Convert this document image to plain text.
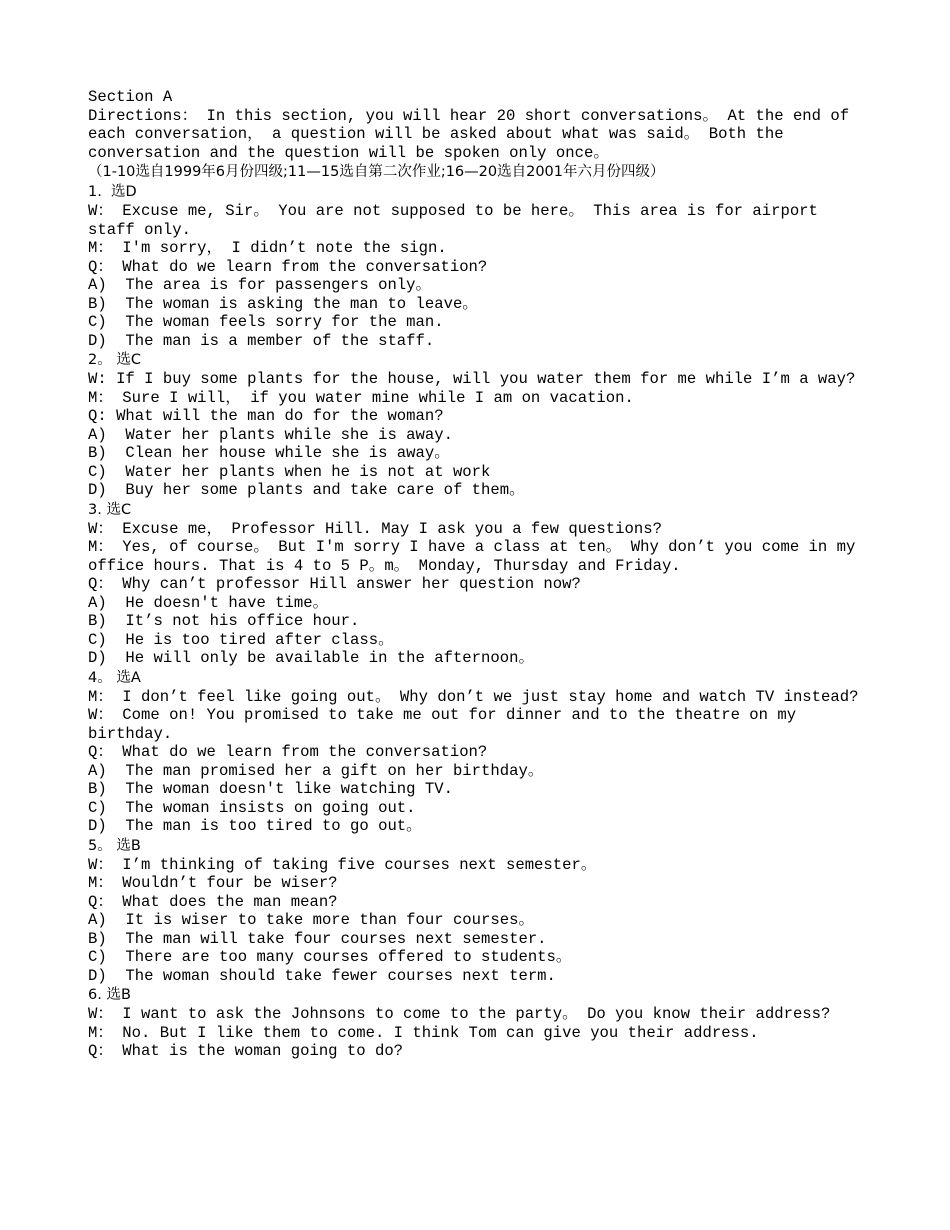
Section A
Directions： In this section, you will hear 20 short conversations。 At the end of each conversation， a question will be asked about what was said。 Both the conversation and the question will be spoken only once。
（1-10选自1999年6月份四级;11—15选自第二次作业;16—20选自2001年六月份四级）
1.  选D
W： Excuse me, Sir。 You are not supposed to be here。 This area is for airport staff only.
M： I'm sorry， I didn’t note the sign.
Q： What do we learn from the conversation?
A)  The area is for passengers only。
B)  The woman is asking the man to leave。
C)  The woman feels sorry for the man.
D)  The man is a member of the staff.
2。 选C
W: If I buy some plants for the house, will you water them for me while I’m a way?
M： Sure I will， if you water mine while I am on vacation.
Q: What will the man do for the woman?
A)  Water her plants while she is away.
B)  Clean her house while she is away。
C)  Water her plants when he is not at work
D)  Buy her some plants and take care of them。
3. 选C
W： Excuse me， Professor Hill. May I ask you a few questions?
M： Yes, of course。 But I'm sorry I have a class at ten。 Why don’t you come in my office hours. That is 4 to 5 P。m。 Monday, Thursday and Friday.
Q： Why can’t professor Hill answer her question now?
A)  He doesn't have time。
B)  It’s not his office hour.
C)  He is too tired after class。
D)  He will only be available in the afternoon。
4。 选A
M： I don’t feel like going out。 Why don’t we just stay home and watch TV instead?
W： Come on! You promised to take me out for dinner and to the theatre on my birthday.
Q： What do we learn from the conversation?
A)  The man promised her a gift on her birthday。
B)  The woman doesn't like watching TV.
C)  The woman insists on going out.
D)  The man is too tired to go out。
5。 选B
W： I’m thinking of taking five courses next semester。
M： Wouldn’t four be wiser?
Q： What does the man mean?
A)  It is wiser to take more than four courses。
B)  The man will take four courses next semester.
C)  There are too many courses offered to students。
D)  The woman should take fewer courses next term.
6. 选B
W： I want to ask the Johnsons to come to the party。 Do you know their address?
M： No. But I like them to come. I think Tom can give you their address.
Q： What is the woman going to do?
